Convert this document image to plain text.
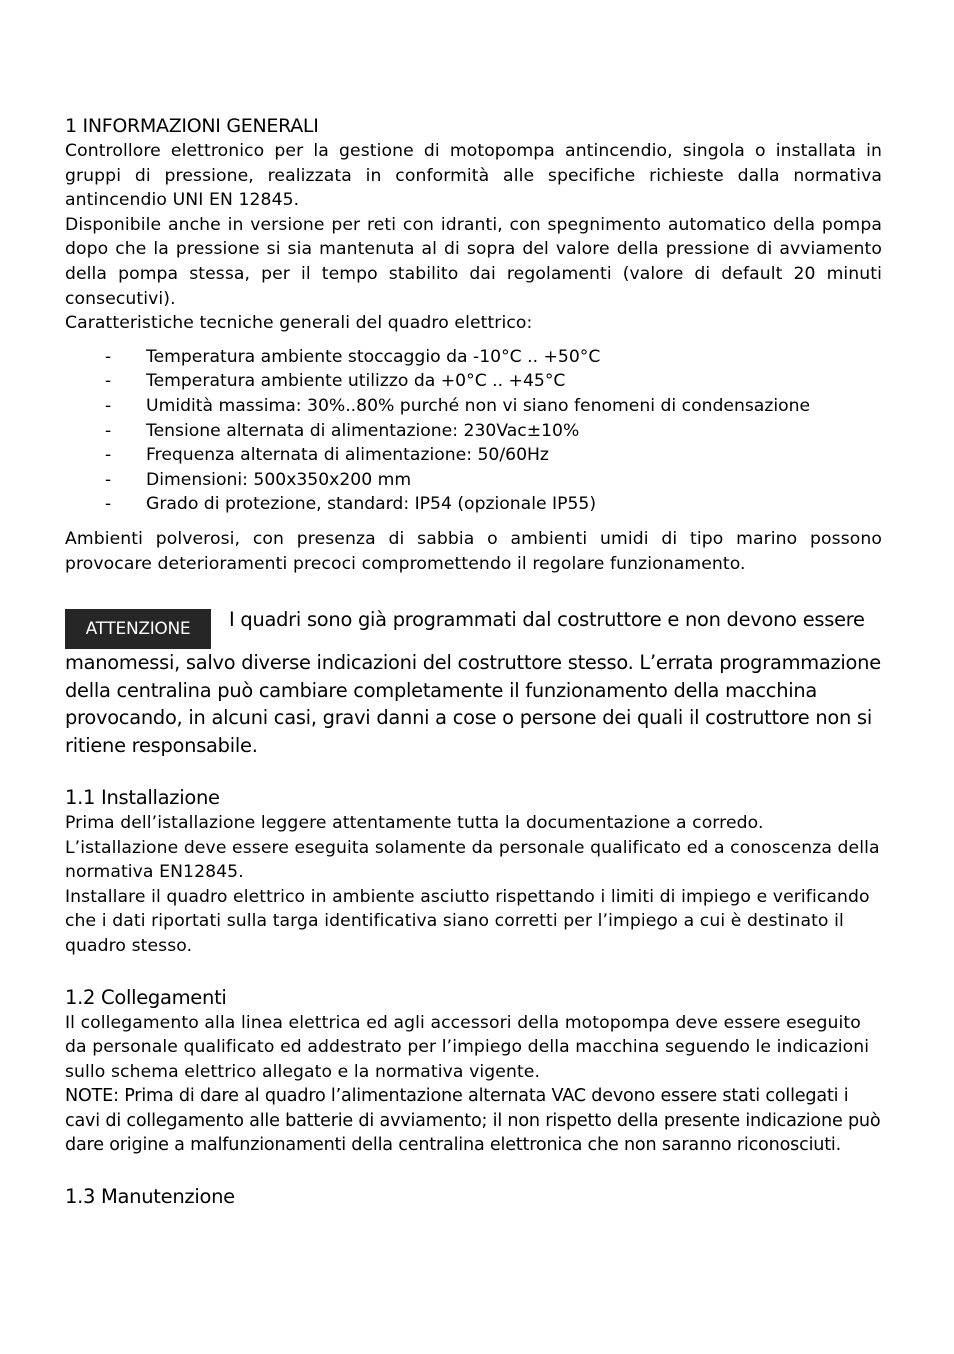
1 INFORMAZIONI GENERALI

Controllore elettronico per la gestione di motopompa antincendio, singola o installata in gruppi di pressione, realizzata in conformità alle specifiche richieste dalla normativa antincendio UNI EN 12845.

Disponibile anche in versione per reti con idranti, con spegnimento automatico della pompa dopo che la pressione si sia mantenuta al di sopra del valore della pressione di avviamento della pompa stessa, per il tempo stabilito dai regolamenti (valore di default 20 minuti consecutivi).

Caratteristiche tecniche generali del quadro elettrico:

- Temperatura ambiente stoccaggio da -10°C .. +50°C
- Temperatura ambiente utilizzo da +0°C .. +45°C
- Umidità massima: 30%..80% purché non vi siano fenomeni di condensazione
- Tensione alternata di alimentazione: 230Vac±10%
- Frequenza alternata di alimentazione: 50/60Hz
- Dimensioni: 500x350x200 mm
- Grado di protezione, standard: IP54 (opzionale IP55)

Ambienti polverosi, con presenza di sabbia o ambienti umidi di tipo marino possono provocare deterioramenti precoci compromettendo il regolare funzionamento.

ATTENZIONE I quadri sono già programmati dal costruttore e non devono essere manomessi, salvo diverse indicazioni del costruttore stesso. L’errata programmazione della centralina può cambiare completamente il funzionamento della macchina provocando, in alcuni casi, gravi danni a cose o persone dei quali il costruttore non si ritiene responsabile.
1.1 Installazione

Prima dell’istallazione leggere attentamente tutta la documentazione a corredo.

L’istallazione deve essere eseguita solamente da personale qualificato ed a conoscenza della normativa EN12845.

Installare il quadro elettrico in ambiente asciutto rispettando i limiti di impiego e verificando che i dati riportati sulla targa identificativa siano corretti per l’impiego a cui è destinato il quadro stesso.

1.2 Collegamenti

Il collegamento alla linea elettrica ed agli accessori della motopompa deve essere eseguito da personale qualificato ed addestrato per l’impiego della macchina seguendo le indicazioni sullo schema elettrico allegato e la normativa vigente.

NOTE: Prima di dare al quadro l’alimentazione alternata VAC devono essere stati collegati i cavi di collegamento alle batterie di avviamento; il non rispetto della presente indicazione può dare origine a malfunzionamenti della centralina elettronica che non saranno riconosciuti.

1.3 Manutenzione
